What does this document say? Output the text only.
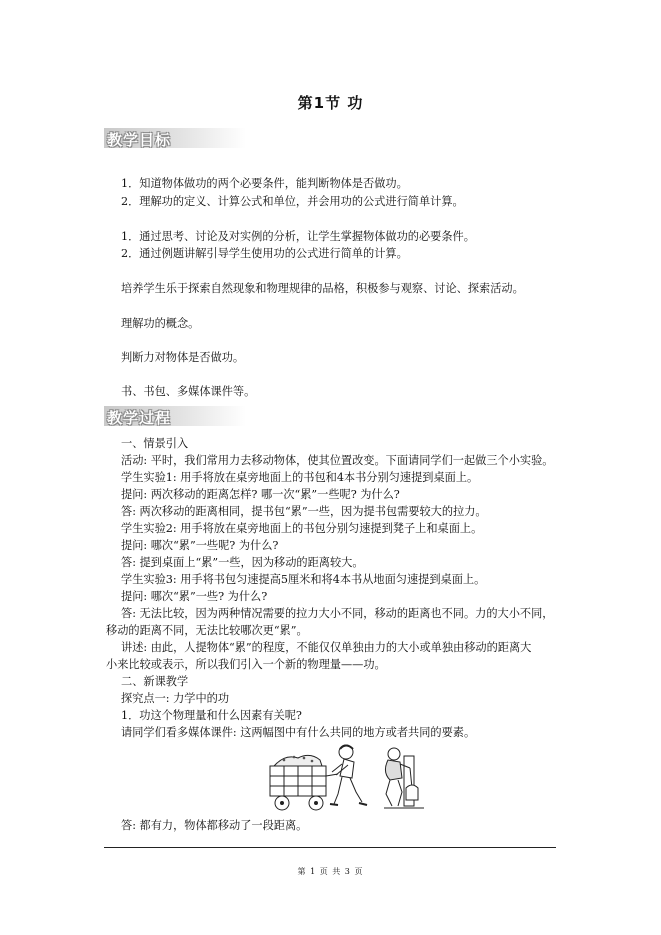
第1节 功
教学目标
1．知道物体做功的两个必要条件，能判断物体是否做功。
2．理解功的定义、计算公式和单位，并会用功的公式进行简单计算。
1．通过思考、讨论及对实例的分析，让学生掌握物体做功的必要条件。
2．通过例题讲解引导学生使用功的公式进行简单的计算。
培养学生乐于探索自然现象和物理规律的品格，积极参与观察、讨论、探索活动。
理解功的概念。
判断力对物体是否做功。
书、书包、多媒体课件等。
教学过程
一、情景引入
活动: 平时，我们常用力去移动物体，使其位置改变。下面请同学们一起做三个小实验。
学生实验1: 用手将放在桌旁地面上的书包和4本书分别匀速提到桌面上。
提问: 两次移动的距离怎样? 哪一次“累”一些呢? 为什么?
答: 两次移动的距离相同，提书包“累”一些，因为提书包需要较大的拉力。
学生实验2: 用手将放在桌旁地面上的书包分别匀速提到凳子上和桌面上。
提问: 哪次“累”一些呢? 为什么?
答: 提到桌面上“累”一些，因为移动的距离较大。
学生实验3: 用手将书包匀速提高5厘米和将4本书从地面匀速提到桌面上。
提问: 哪次“累”一些? 为什么?
答: 无法比较，因为两种情况需要的拉力大小不同，移动的距离也不同。力的大小不同，
移动的距离不同，无法比较哪次更“累”。
讲述: 由此，人提物体“累”的程度，不能仅仅单独由力的大小或单独由移动的距离大
小来比较或表示，所以我们引入一个新的物理量——功。
二、新课教学
探究点一: 力学中的功
1．功这个物理量和什么因素有关呢?
请同学们看多媒体课件: 这两幅图中有什么共同的地方或者共同的要素。
答: 都有力，物体都移动了一段距离。
第 1 页 共 3 页
